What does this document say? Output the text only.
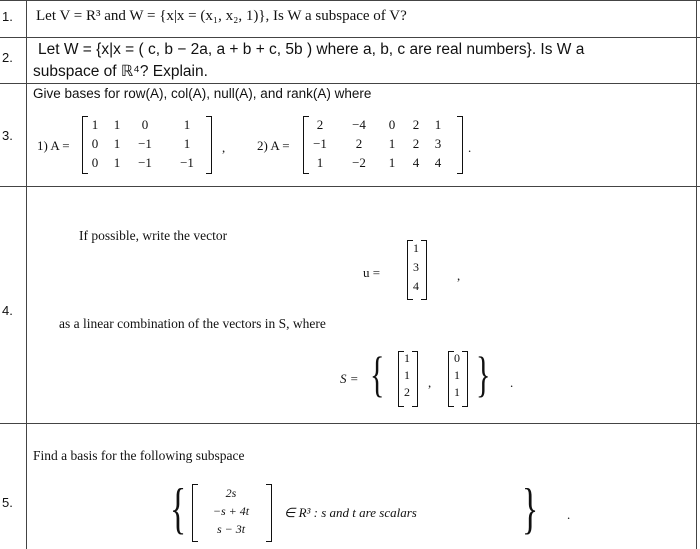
1. Let V = R³ and W = {x|x = (x₁, x₂, 1)}, Is W a subspace of V?
2. Let W = {x|x = ( c, b − 2a, a + b + c, 5b ) where a, b, c are real numbers}. Is W a
subspace of ℝ⁴? Explain.
3.
Give bases for row(A), col(A), null(A), and rank(A) where
1) A =
1	1	0	1
0	1	−1	1
0	1	−1 −1
, 2) A =
2	−4	0	2	1
−1	2	1	2	3
1	−2	1	4	4
.
4.
If possible, write the vector
u =
1
3
4
,
as a linear combination of the vectors in S, where
S = {	1
1
2
,
0
1
1 } .
5.
Find a basis for the following subspace
{	2s
−s + 4t
s − 3t
∈ R³ : s and t are scalars } .
